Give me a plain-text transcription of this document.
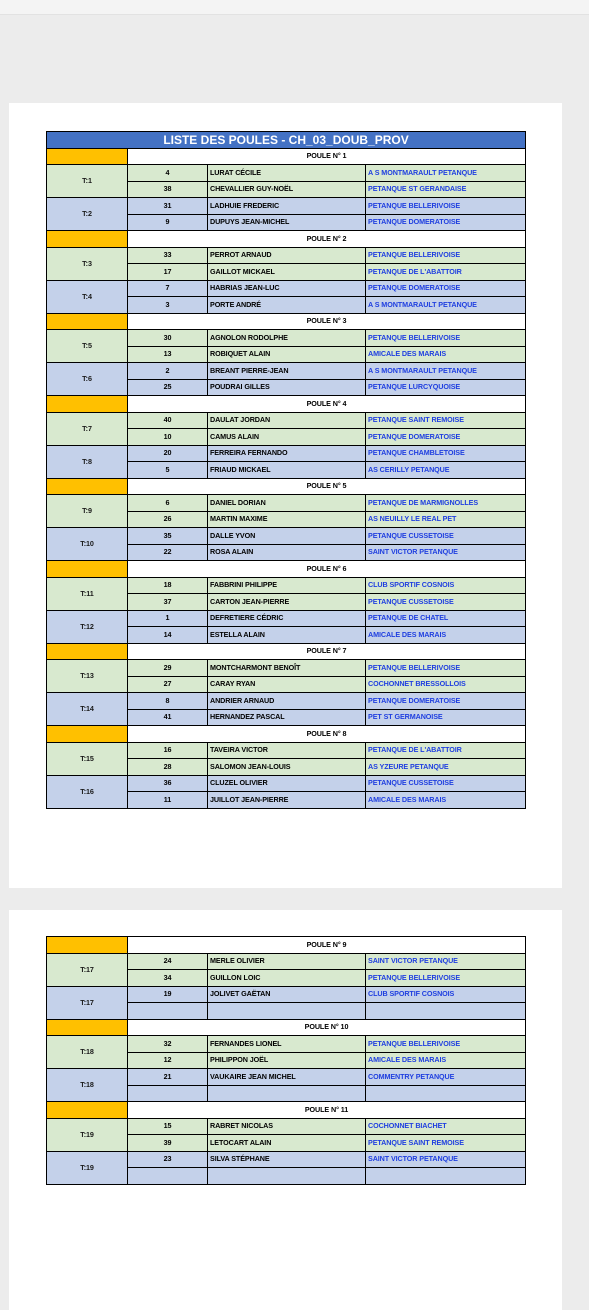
LISTE DES POULES - CH_03_DOUB_PROV			
	POULE N° 1		
T:1	4	LURAT CÉCILE	A S MONTMARAULT PETANQUE
	38	CHEVALLIER GUY-NOËL	PETANQUE ST GERANDAISE
T:2	31	LADHUIE FREDERIC	PETANQUE BELLERIVOISE
	9	DUPUYS JEAN-MICHEL	PETANQUE DOMERATOISE
	POULE N° 2		
T:3	33	PERROT ARNAUD	PETANQUE BELLERIVOISE
	17	GAILLOT MICKAEL	PETANQUE DE L'ABATTOIR
T:4	7	HABRIAS JEAN-LUC	PETANQUE DOMERATOISE
	3	PORTE ANDRÉ	A S MONTMARAULT PETANQUE
	POULE N° 3		
T:5	30	AGNOLON RODOLPHE	PETANQUE BELLERIVOISE
	13	ROBIQUET ALAIN	AMICALE DES MARAIS
T:6	2	BREANT PIERRE-JEAN	A S MONTMARAULT PETANQUE
	25	POUDRAI GILLES	PETANQUE LURCYQUOISE
	POULE N° 4		
T:7	40	DAULAT JORDAN	PETANQUE SAINT REMOISE
	10	CAMUS ALAIN	PETANQUE DOMERATOISE
T:8	20	FERREIRA FERNANDO	PETANQUE CHAMBLETOISE
	5	FRIAUD MICKAEL	AS CERILLY PETANQUE
	POULE N° 5		
T:9	6	DANIEL DORIAN	PETANQUE DE MARMIGNOLLES
	26	MARTIN MAXIME	AS NEUILLY LE REAL PET
T:10	35	DALLE YVON	PETANQUE CUSSETOISE
	22	ROSA ALAIN	SAINT VICTOR PETANQUE
	POULE N° 6		
T:11	18	FABBRINI PHILIPPE	CLUB SPORTIF COSNOIS
	37	CARTON JEAN-PIERRE	PETANQUE CUSSETOISE
T:12	1	DEFRETIERE CÉDRIC	PETANQUE DE CHATEL
	14	ESTELLA ALAIN	AMICALE DES MARAIS
	POULE N° 7		
T:13	29	MONTCHARMONT BENOÎT	PETANQUE BELLERIVOISE
	27	CARAY RYAN	COCHONNET BRESSOLLOIS
T:14	8	ANDRIER ARNAUD	PETANQUE DOMERATOISE
	41	HERNANDEZ PASCAL	PET ST GERMANOISE
	POULE N° 8		
T:15	16	TAVEIRA VICTOR	PETANQUE DE L'ABATTOIR
	28	SALOMON JEAN-LOUIS	AS YZEURE PETANQUE
T:16	36	CLUZEL OLIVIER	PETANQUE CUSSETOISE
	11	JUILLOT JEAN-PIERRE	AMICALE DES MARAIS
	POULE N° 9		
T:17	24	MERLE OLIVIER	SAINT VICTOR PETANQUE
	34	GUILLON LOIC	PETANQUE BELLERIVOISE
T:17	19	JOLIVET GAËTAN	CLUB SPORTIF COSNOIS

	POULE N° 10		
T:18	32	FERNANDES LIONEL	PETANQUE BELLERIVOISE
	12	PHILIPPON JOËL	AMICALE DES MARAIS
T:18	21	VAUKAIRE JEAN MICHEL	COMMENTRY PETANQUE

	POULE N° 11		
T:19	15	RABRET NICOLAS	COCHONNET BIACHET
	39	LETOCART ALAIN	PETANQUE SAINT REMOISE
T:19	23	SILVA STÉPHANE	SAINT VICTOR PETANQUE
